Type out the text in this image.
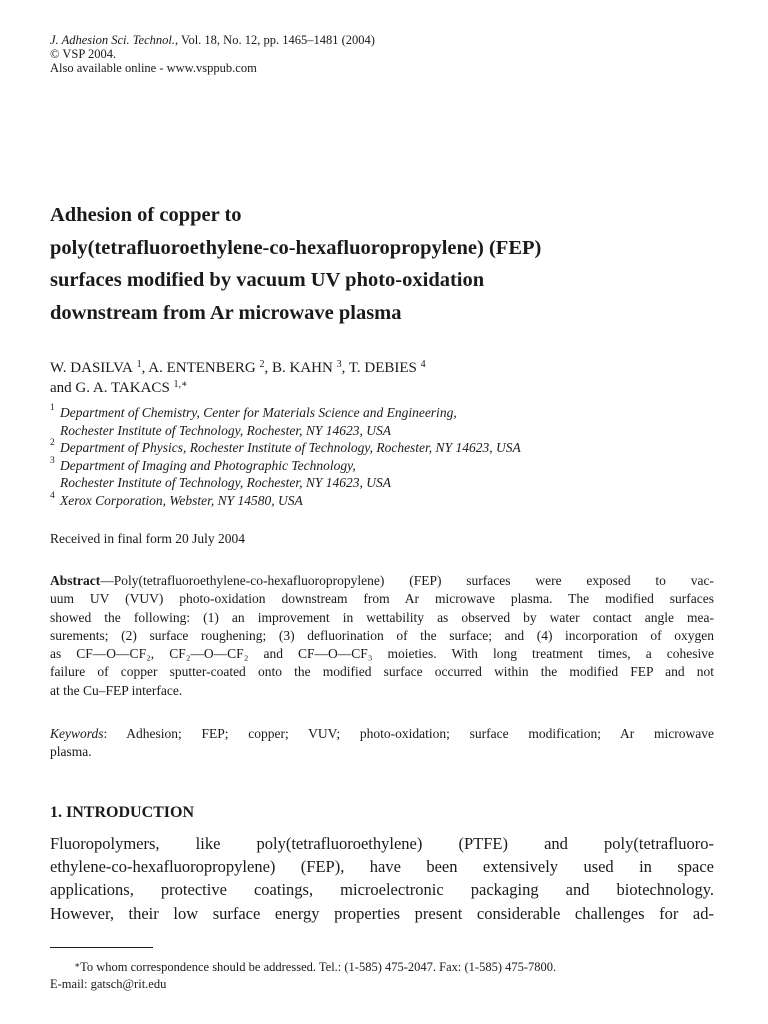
J. Adhesion Sci. Technol., Vol. 18, No. 12, pp. 1465–1481 (2004)
© VSP 2004.
Also available online - www.vsppub.com
Adhesion of copper to
poly(tetrafluoroethylene-co-hexafluoropropylene) (FEP)
surfaces modified by vacuum UV photo-oxidation
downstream from Ar microwave plasma
W. DASILVA $^1$, A. ENTENBERG $^2$, B. KAHN $^3$, T. DEBIES $^4$
and G. A. TAKACS $^{1,∗}$
1 Department of Chemistry, Center for Materials Science and Engineering,
Rochester Institute of Technology, Rochester, NY 14623, USA
2 Department of Physics, Rochester Institute of Technology, Rochester, NY 14623, USA
3 Department of Imaging and Photographic Technology,
Rochester Institute of Technology, Rochester, NY 14623, USA
4 Xerox Corporation, Webster, NY 14580, USA
Received in final form 20 July 2004
Abstract—Poly(tetrafluoroethylene-co-hexafluoropropylene) (FEP) surfaces were exposed to vac-
uum UV (VUV) photo-oxidation downstream from Ar microwave plasma. The modified surfaces
showed the following: (1) an improvement in wettability as observed by water contact angle mea-
surements; (2) surface roughening; (3) defluorination of the surface; and (4) incorporation of oxygen
as CF—O—CF₂, CF₂—O—CF₂ and CF—O—CF₃ moieties. With long treatment times, a cohesive
failure of copper sputter-coated onto the modified surface occurred within the modified FEP and not
at the Cu–FEP interface.
Keywords: Adhesion; FEP; copper; VUV; photo-oxidation; surface modification; Ar microwave
plasma.
1. INTRODUCTION
Fluoropolymers, like poly(tetrafluoroethylene) (PTFE) and poly(tetrafluoro-
ethylene-co-hexafluoropropylene) (FEP), have been extensively used in space
applications, protective coatings, microelectronic packaging and biotechnology.
However, their low surface energy properties present considerable challenges for ad-
∗To whom correspondence should be addressed. Tel.: (1-585) 475-2047. Fax: (1-585) 475-7800.
E-mail: gatsch@rit.edu
